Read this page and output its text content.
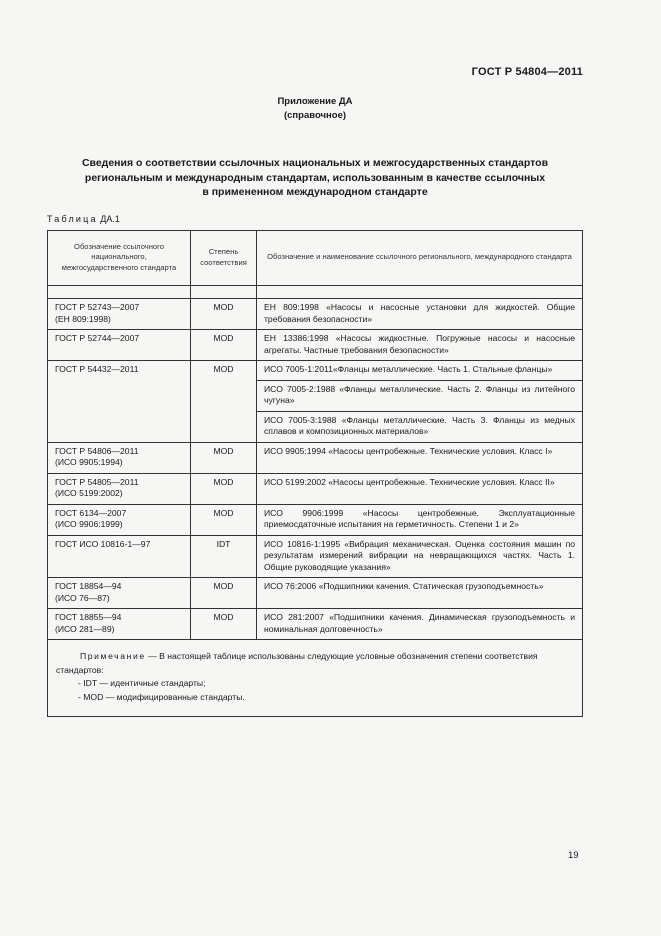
ГОСТ Р 54804—2011
Приложение ДА
(справочное)
Сведения о соответствии ссылочных национальных и межгосударственных стандартов
региональным и международным стандартам, использованным в качестве ссылочных
в примененном международном стандарте
Таблица ДА.1
Обозначение ссылочного национального, межгосударственного стандарта	Степень соответствия	Обозначение и наименование ссылочного регионального, международного стандарта

ГОСТ Р 52743—2007
(ЕН 809:1998)	MOD	ЕН 809:1998 «Насосы и насосные установки для жидкостей. Общие требования безопасности»

ГОСТ Р 52744—2007	MOD	ЕН 13386:1998 «Насосы жидкостные. Погружные насосы и насосные агрегаты. Частные требования безопасности»

ГОСТ Р 54432—2011	MOD	ИСО 7005-1:2011«Фланцы металлические. Часть 1. Стальные фланцы»
		ИСО 7005-2:1988 «Фланцы металлические. Часть 2. Фланцы из литейного чугуна»
		ИСО 7005-3:1988 «Фланцы металлические. Часть 3. Фланцы из медных сплавов и композиционных материалов»

ГОСТ Р 54806—2011
(ИСО 9905:1994)	MOD	ИСО 9905:1994 «Насосы центробежные. Технические условия. Класс I»

ГОСТ Р 54805—2011
(ИСО 5199:2002)	MOD	ИСО 5199:2002 «Насосы центробежные. Технические условия. Класс II»

ГОСТ 6134—2007
(ИСО 9906:1999)	MOD	ИСО 9906:1999 «Насосы центробежные. Эксплуатационные приемосдаточные испытания на герметичность. Степени 1 и 2»

ГОСТ ИСО 10816-1—97	IDT	ИСО 10816-1:1995 «Вибрация механическая. Оценка состояния машин по результатам измерений вибрации на невращающихся частях. Часть 1. Общие руководящие указания»

ГОСТ 18854—94
(ИСО 76—87)	MOD	ИСО 76:2006 «Подшипники качения. Статическая грузоподъемность»

ГОСТ 18855—94
(ИСО 281—89)	MOD	ИСО 281:2007 «Подшипники качения. Динамическая грузоподъемность и номинальная долговечность»

Примечание — В настоящей таблице использованы следующие условные обозначения степени соответствия стандартов:
- IDT — идентичные стандарты;
- MOD — модифицированные стандарты.		
19
